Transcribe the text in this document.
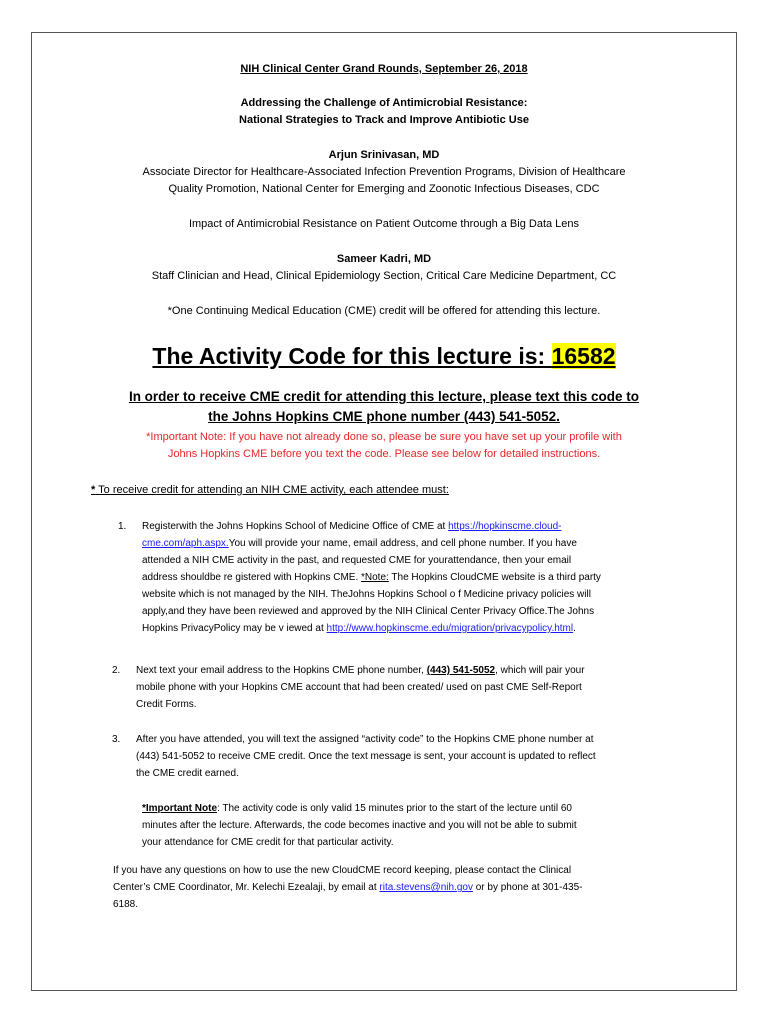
NIH Clinical Center Grand Rounds, September 26, 2018
Addressing the Challenge of Antimicrobial Resistance:
National Strategies to Track and Improve Antibiotic Use
Arjun Srinivasan, MD
Associate Director for Healthcare-Associated Infection Prevention Programs, Division of Healthcare
Quality Promotion, National Center for Emerging and Zoonotic Infectious Diseases, CDC
Impact of Antimicrobial Resistance on Patient Outcome through a Big Data Lens
Sameer Kadri, MD
Staff Clinician and Head, Clinical Epidemiology Section, Critical Care Medicine Department, CC
*One Continuing Medical Education (CME) credit will be offered for attending this lecture.
The Activity Code for this lecture is: 16582
In order to receive CME credit for attending this lecture, please text this code to
the Johns Hopkins CME phone number (443) 541-5052.
*Important Note: If you have not already done so, please be sure you have set up your profile with
Johns Hopkins CME before you text the code. Please see below for detailed instructions.
* To receive credit for attending an NIH CME activity, each attendee must:
1. Registerwith the Johns Hopkins School of Medicine Office of CME at https://hopkinscme.cloud-
cme.com/aph.aspx.You will provide your name, email address, and cell phone number. If you have
attended a NIH CME activity in the past, and requested CME for yourattendance, then your email
address shouldbe re gistered with Hopkins CME. *Note: The Hopkins CloudCME website is a third party
website which is not managed by the NIH. TheJohns Hopkins School o f Medicine privacy policies will
apply,and they have been reviewed and approved by the NIH Clinical Center Privacy Office.The Johns
Hopkins PrivacyPolicy may be v iewed at http://www.hopkinscme.edu/migration/privacypolicy.html.
2. Next text your email address to the Hopkins CME phone number, (443) 541-5052, which will pair your
mobile phone with your Hopkins CME account that had been created/ used on past CME Self-Report
Credit Forms.
3. After you have attended, you will text the assigned “activity code” to the Hopkins CME phone number at
(443) 541-5052 to receive CME credit. Once the text message is sent, your account is updated to reflect
the CME credit earned.
*Important Note: The activity code is only valid 15 minutes prior to the start of the lecture until 60
minutes after the lecture. Afterwards, the code becomes inactive and you will not be able to submit
your attendance for CME credit for that particular activity.
If you have any questions on how to use the new CloudCME record keeping, please contact the Clinical
Center’s CME Coordinator, Mr. Kelechi Ezealaji, by email at rita.stevens@nih.gov or by phone at 301-435-
6188.
